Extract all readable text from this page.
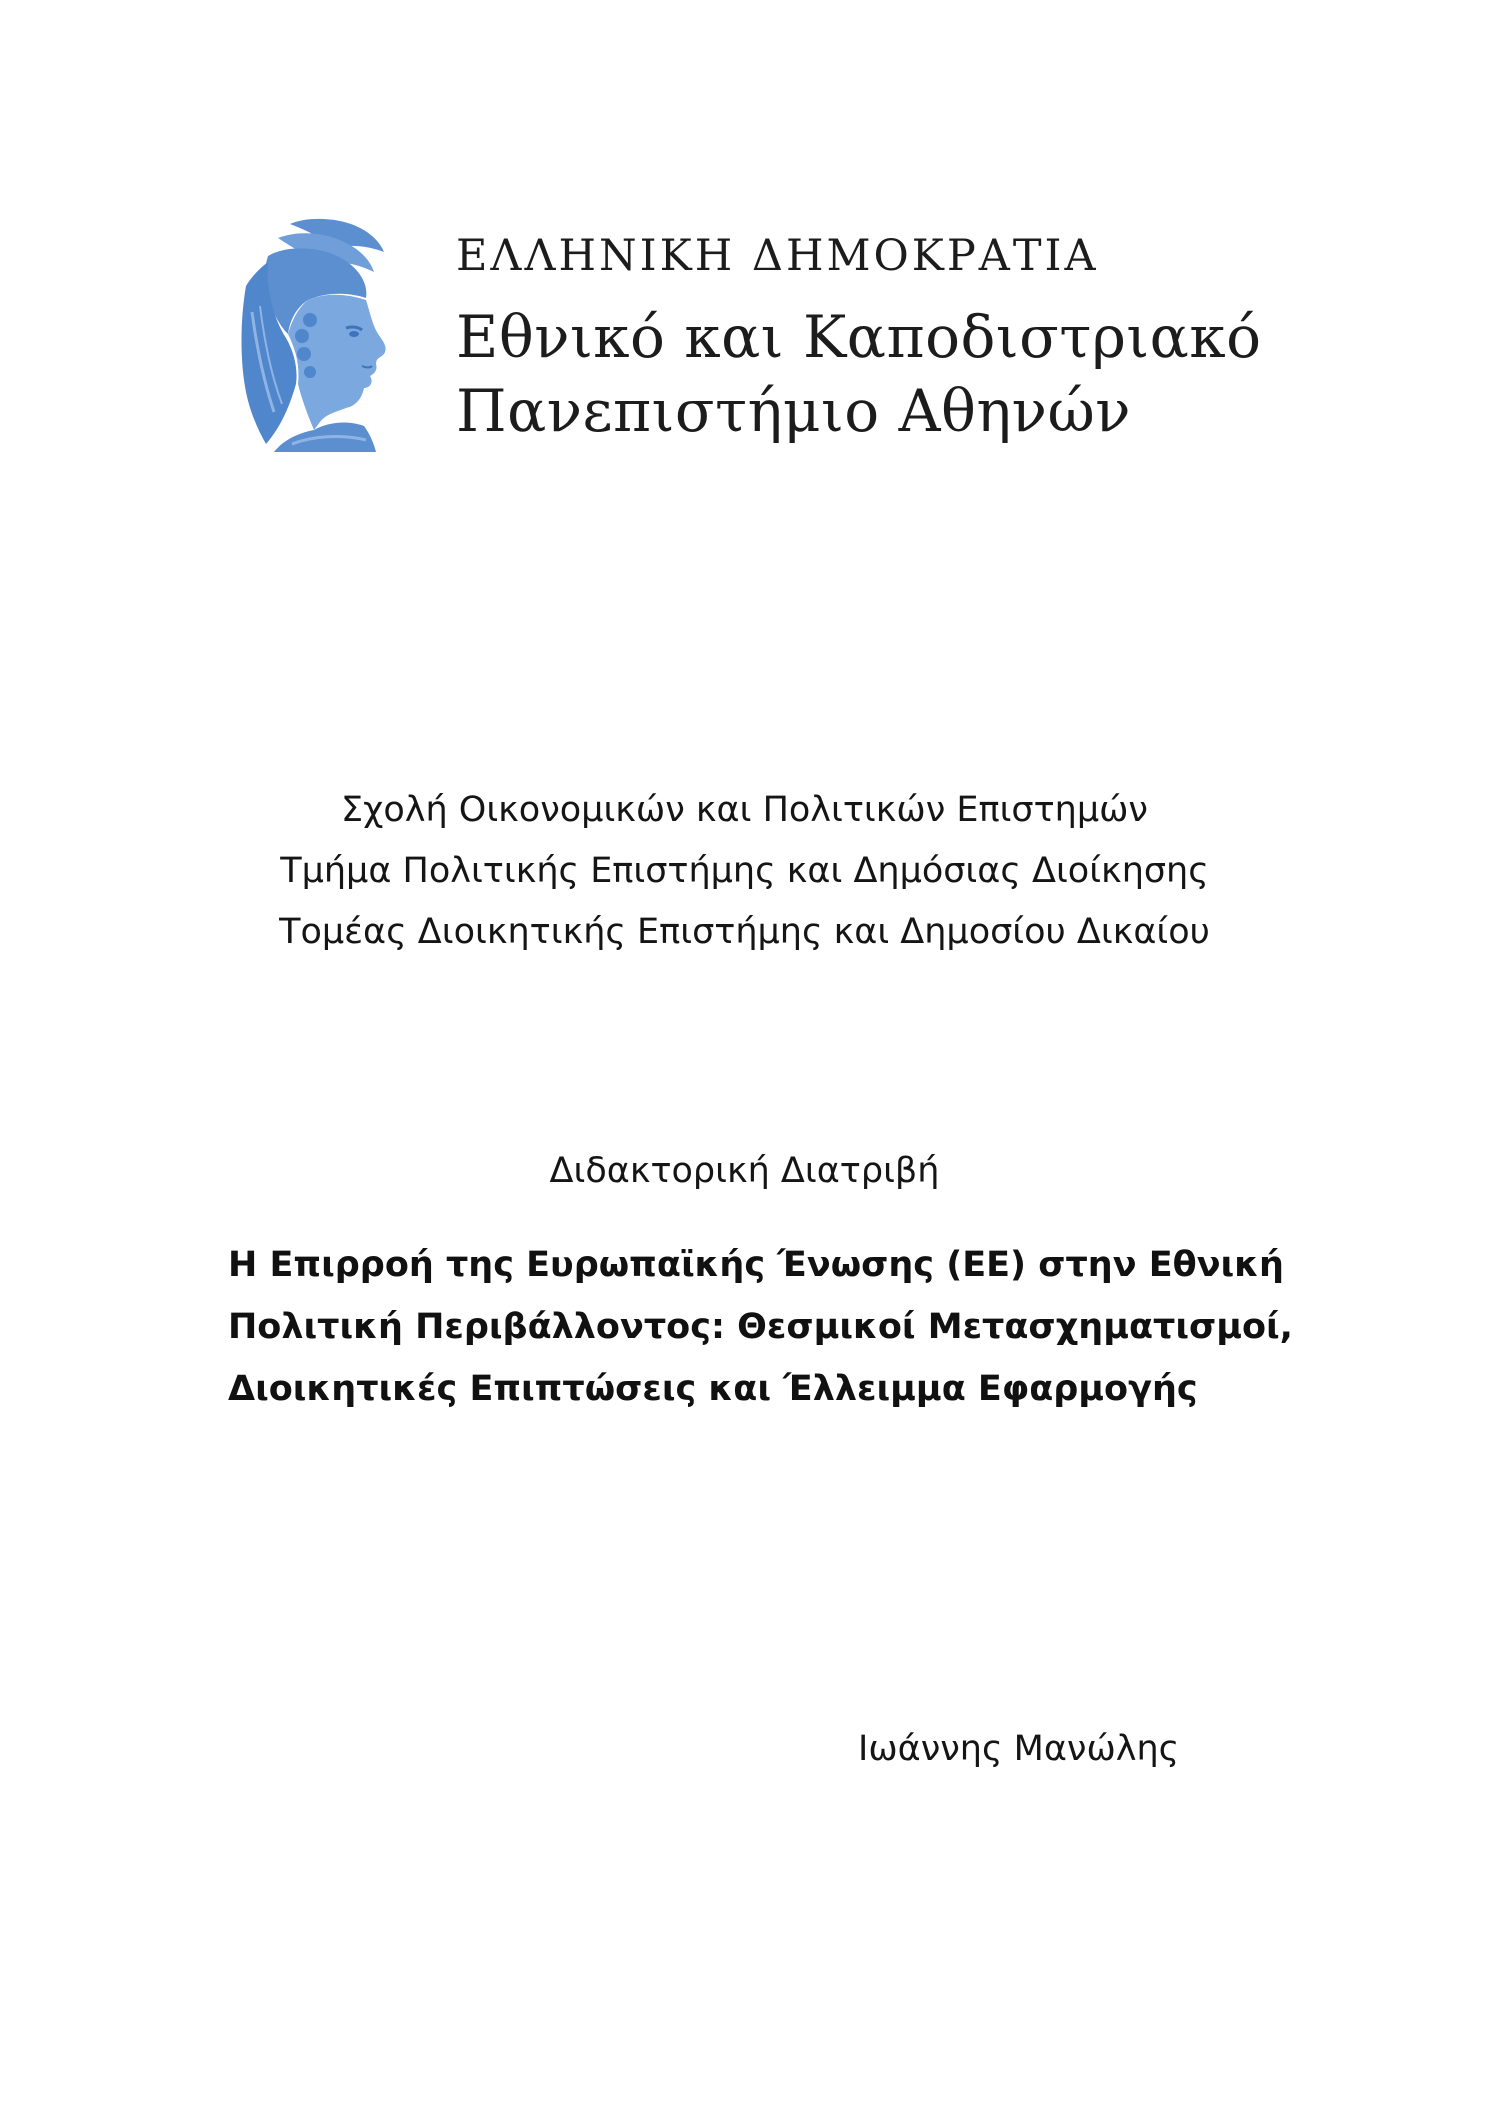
ΕΛΛΗΝΙΚΗ ΔΗΜΟΚΡΑΤΙΑ
Εθνικό και Καποδιστριακό
Πανεπιστήμιο Αθηνών
Σχολή Οικονομικών και Πολιτικών Επιστημών
Τμήμα Πολιτικής Επιστήμης και Δημόσιας Διοίκησης
Τομέας Διοικητικής Επιστήμης και Δημοσίου Δικαίου
Διδακτορική Διατριβή
Η Επιρροή της Ευρωπαϊκής Ένωσης (ΕΕ) στην Εθνική
Πολιτική Περιβάλλοντος: Θεσμικοί Μετασχηματισμοί,
Διοικητικές Επιπτώσεις και Έλλειμμα Εφαρμογής
Ιωάννης Μανώλης
